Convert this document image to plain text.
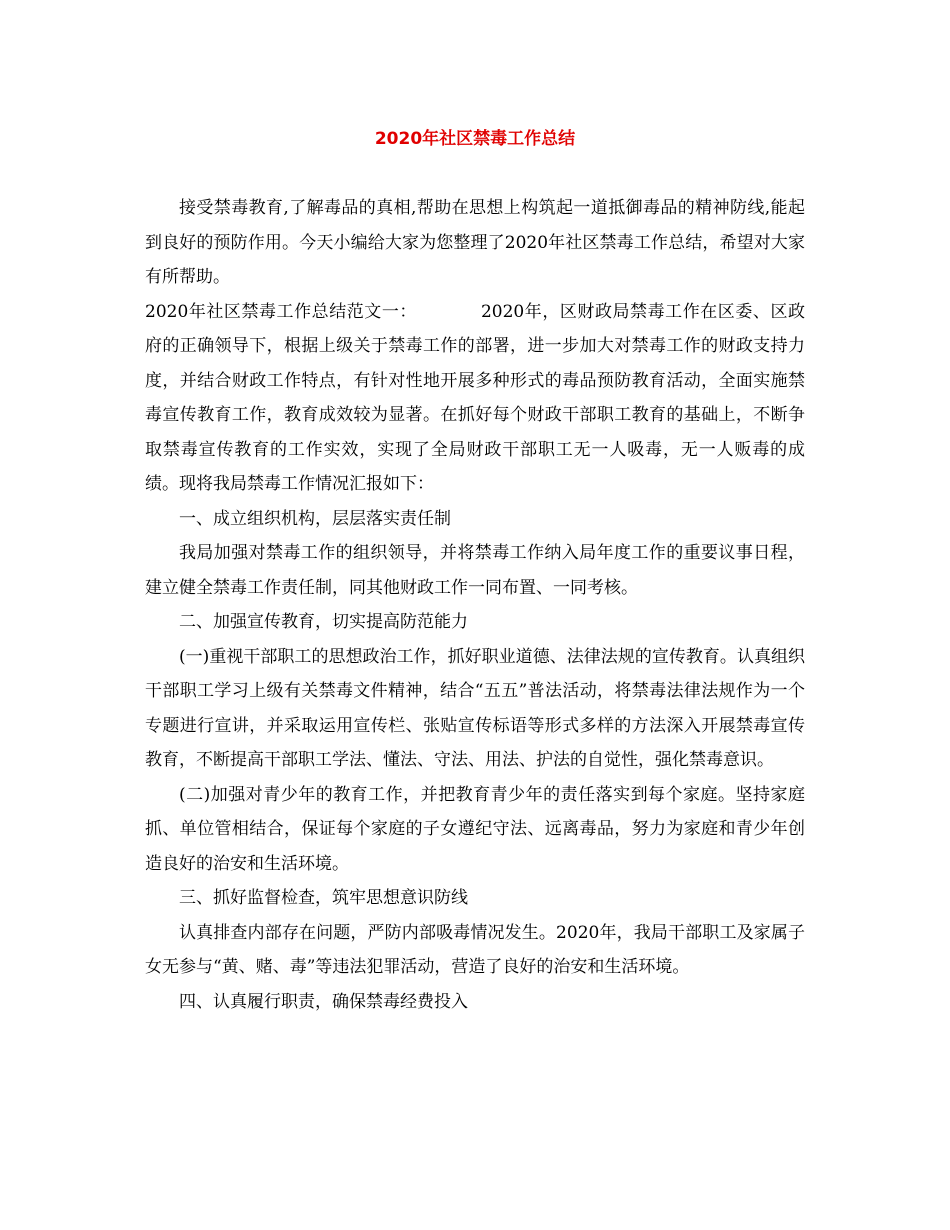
2020年社区禁毒工作总结

接受禁毒教育,了解毒品的真相,帮助在思想上构筑起一道抵御毒品的精神防线,能起到良好的预防作用。今天小编给大家为您整理了2020年社区禁毒工作总结，希望对大家有所帮助。

2020年社区禁毒工作总结范文一：	2020年，区财政局禁毒工作在区委、区政府的正确领导下，根据上级关于禁毒工作的部署，进一步加大对禁毒工作的财政支持力度，并结合财政工作特点，有针对性地开展多种形式的毒品预防教育活动，全面实施禁毒宣传教育工作，教育成效较为显著。在抓好每个财政干部职工教育的基础上，不断争取禁毒宣传教育的工作实效，实现了全局财政干部职工无一人吸毒，无一人贩毒的成绩。现将我局禁毒工作情况汇报如下：

一、成立组织机构，层层落实责任制

我局加强对禁毒工作的组织领导，并将禁毒工作纳入局年度工作的重要议事日程，建立健全禁毒工作责任制，同其他财政工作一同布置、一同考核。

二、加强宣传教育，切实提高防范能力

(一)重视干部职工的思想政治工作，抓好职业道德、法律法规的宣传教育。认真组织干部职工学习上级有关禁毒文件精神，结合“五五”普法活动，将禁毒法律法规作为一个专题进行宣讲，并采取运用宣传栏、张贴宣传标语等形式多样的方法深入开展禁毒宣传教育，不断提高干部职工学法、懂法、守法、用法、护法的自觉性，强化禁毒意识。

(二)加强对青少年的教育工作，并把教育青少年的责任落实到每个家庭。坚持家庭抓、单位管相结合，保证每个家庭的子女遵纪守法、远离毒品，努力为家庭和青少年创造良好的治安和生活环境。

三、抓好监督检查，筑牢思想意识防线

认真排查内部存在问题，严防内部吸毒情况发生。2020年，我局干部职工及家属子女无参与“黄、赌、毒”等违法犯罪活动，营造了良好的治安和生活环境。

四、认真履行职责，确保禁毒经费投入
